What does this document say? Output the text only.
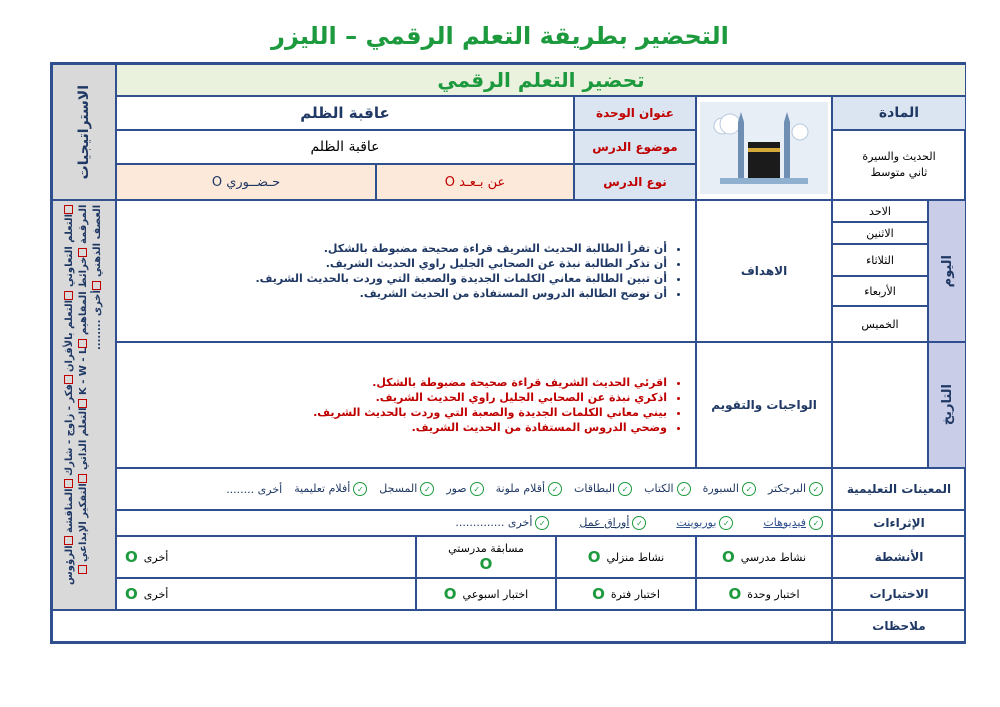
التحضير بطريقة التعلم الرقمي – الليزر
الاستراتيجيات
التعلم التعاوني التعلم بالأقران فكر - زاوج - شارك المناقشة الرؤوس المرقمة خرائط المفاهيم K - W - L التعلم الذاتي التفكير الإبداعي العصف الذهني أخرى ........
تحضير التعلم الرقمي
المادة
الحديث والسيرة
ثاني متوسط
عنوان الوحدة
موضوع الدرس
نوع الدرس
عاقبة الظلم
عاقبة الظلم
عن بـعـد O
حـضــوري O
اليوم
التاريخ
الاحد
الاثنين
الثلاثاء
الأربعاء
الخميس
الاهداف
• أن تقرأ الطالبة الحديث الشريف قراءة صحيحة مضبوطة بالشكل.
• أن تذكر الطالبة نبذة عن الصحابي الجليل راوي الحديث الشريف.
• أن تبين الطالبة معاني الكلمات الجديدة والصعبة التي وردت بالحديث الشريف.
• أن توضح الطالبة الدروس المستفادة من الحديث الشريف.
الواجبات والتقويم
• اقرئي الحديث الشريف قراءة صحيحة مضبوطة بالشكل.
• اذكري نبذة عن الصحابي الجليل راوي الحديث الشريف.
• بيني معاني الكلمات الجديدة والصعبة التي وردت بالحديث الشريف.
• وضحي الدروس المستفادة من الحديث الشريف.
المعينات التعليمية
✓البرجكتر
✓السبورة
✓الكتاب
✓البطاقات
✓أقلام ملونة
✓صور
✓المسجل
✓أفلام تعليمية
أخرى ........
الإثراءات
✓فيديوهات
✓بوربوينت
✓أوراق عمل
✓أخرى ..............
الأنشطة
نشاط مدرسي
O
نشاط منزلي
O
مسابقة مدرستي
O
أخرى
O
الاختبارات
اختبار وحدة
O
اختبار فترة
O
اختبار اسبوعي
O
أخرى
O
ملاحظات
